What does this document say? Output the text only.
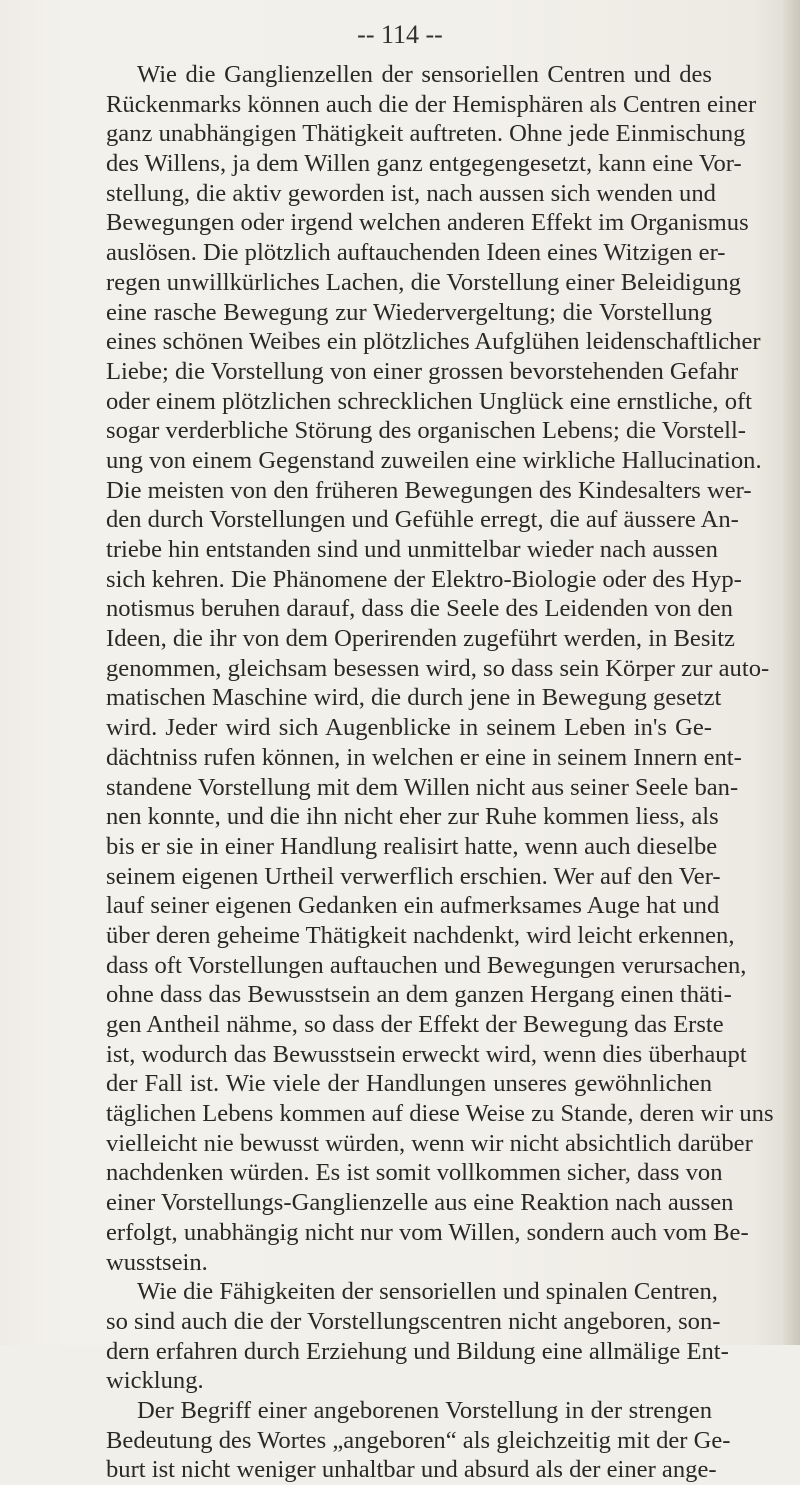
-- 114 --
Wie die Ganglienzellen der sensoriellen Centren und des
Rückenmarks können auch die der Hemisphären als Centren einer
ganz unabhängigen Thätigkeit auftreten. Ohne jede Einmischung
des Willens, ja dem Willen ganz entgegengesetzt, kann eine Vor-
stellung, die aktiv geworden ist, nach aussen sich wenden und
Bewegungen oder irgend welchen anderen Effekt im Organismus
auslösen. Die plötzlich auftauchenden Ideen eines Witzigen er-
regen unwillkürliches Lachen, die Vorstellung einer Beleidigung
eine rasche Bewegung zur Wiedervergeltung; die Vorstellung
eines schönen Weibes ein plötzliches Aufglühen leidenschaftlicher
Liebe; die Vorstellung von einer grossen bevorstehenden Gefahr
oder einem plötzlichen schrecklichen Unglück eine ernstliche, oft
sogar verderbliche Störung des organischen Lebens; die Vorstell-
ung von einem Gegenstand zuweilen eine wirkliche Hallucination.
Die meisten von den früheren Bewegungen des Kindesalters wer-
den durch Vorstellungen und Gefühle erregt, die auf äussere An-
triebe hin entstanden sind und unmittelbar wieder nach aussen
sich kehren. Die Phänomene der Elektro-Biologie oder des Hyp-
notismus beruhen darauf, dass die Seele des Leidenden von den
Ideen, die ihr von dem Operirenden zugeführt werden, in Besitz
genommen, gleichsam besessen wird, so dass sein Körper zur auto-
matischen Maschine wird, die durch jene in Bewegung gesetzt
wird. Jeder wird sich Augenblicke in seinem Leben in's Ge-
dächtniss rufen können, in welchen er eine in seinem Innern ent-
standene Vorstellung mit dem Willen nicht aus seiner Seele ban-
nen konnte, und die ihn nicht eher zur Ruhe kommen liess, als
bis er sie in einer Handlung realisirt hatte, wenn auch dieselbe
seinem eigenen Urtheil verwerflich erschien. Wer auf den Ver-
lauf seiner eigenen Gedanken ein aufmerksames Auge hat und
über deren geheime Thätigkeit nachdenkt, wird leicht erkennen,
dass oft Vorstellungen auftauchen und Bewegungen verursachen,
ohne dass das Bewusstsein an dem ganzen Hergang einen thäti-
gen Antheil nähme, so dass der Effekt der Bewegung das Erste
ist, wodurch das Bewusstsein erweckt wird, wenn dies überhaupt
der Fall ist. Wie viele der Handlungen unseres gewöhnlichen
täglichen Lebens kommen auf diese Weise zu Stande, deren wir uns
vielleicht nie bewusst würden, wenn wir nicht absichtlich darüber
nachdenken würden. Es ist somit vollkommen sicher, dass von
einer Vorstellungs-Ganglienzelle aus eine Reaktion nach aussen
erfolgt, unabhängig nicht nur vom Willen, sondern auch vom Be-
wusstsein.
Wie die Fähigkeiten der sensoriellen und spinalen Centren,
so sind auch die der Vorstellungscentren nicht angeboren, son-
dern erfahren durch Erziehung und Bildung eine allmälige Ent-
wicklung.
Der Begriff einer angeborenen Vorstellung in der strengen
Bedeutung des Wortes „angeboren“ als gleichzeitig mit der Ge-
burt ist nicht weniger unhaltbar und absurd als der einer ange-
